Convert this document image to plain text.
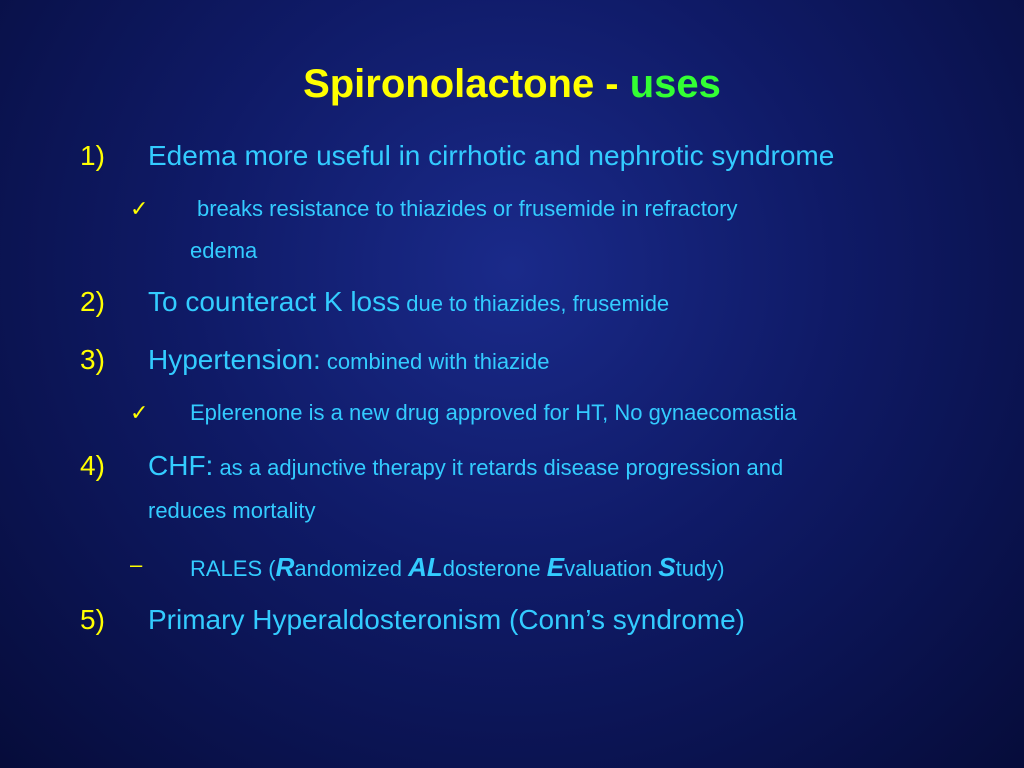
Spironolactone - uses
1) Edema more useful in cirrhotic and nephrotic syndrome
✓ breaks resistance to thiazides or frusemide in refractory
edema
2) To counteract K loss due to thiazides, frusemide
3) Hypertension: combined with thiazide
✓ Eplerenone is a new drug approved for HT, No gynaecomastia
4) CHF: as a adjunctive therapy it retards disease progression and
reduces mortality
– RALES (Randomized ALdosterone Evaluation Study)
5) Primary Hyperaldosteronism (Conn’s syndrome)
